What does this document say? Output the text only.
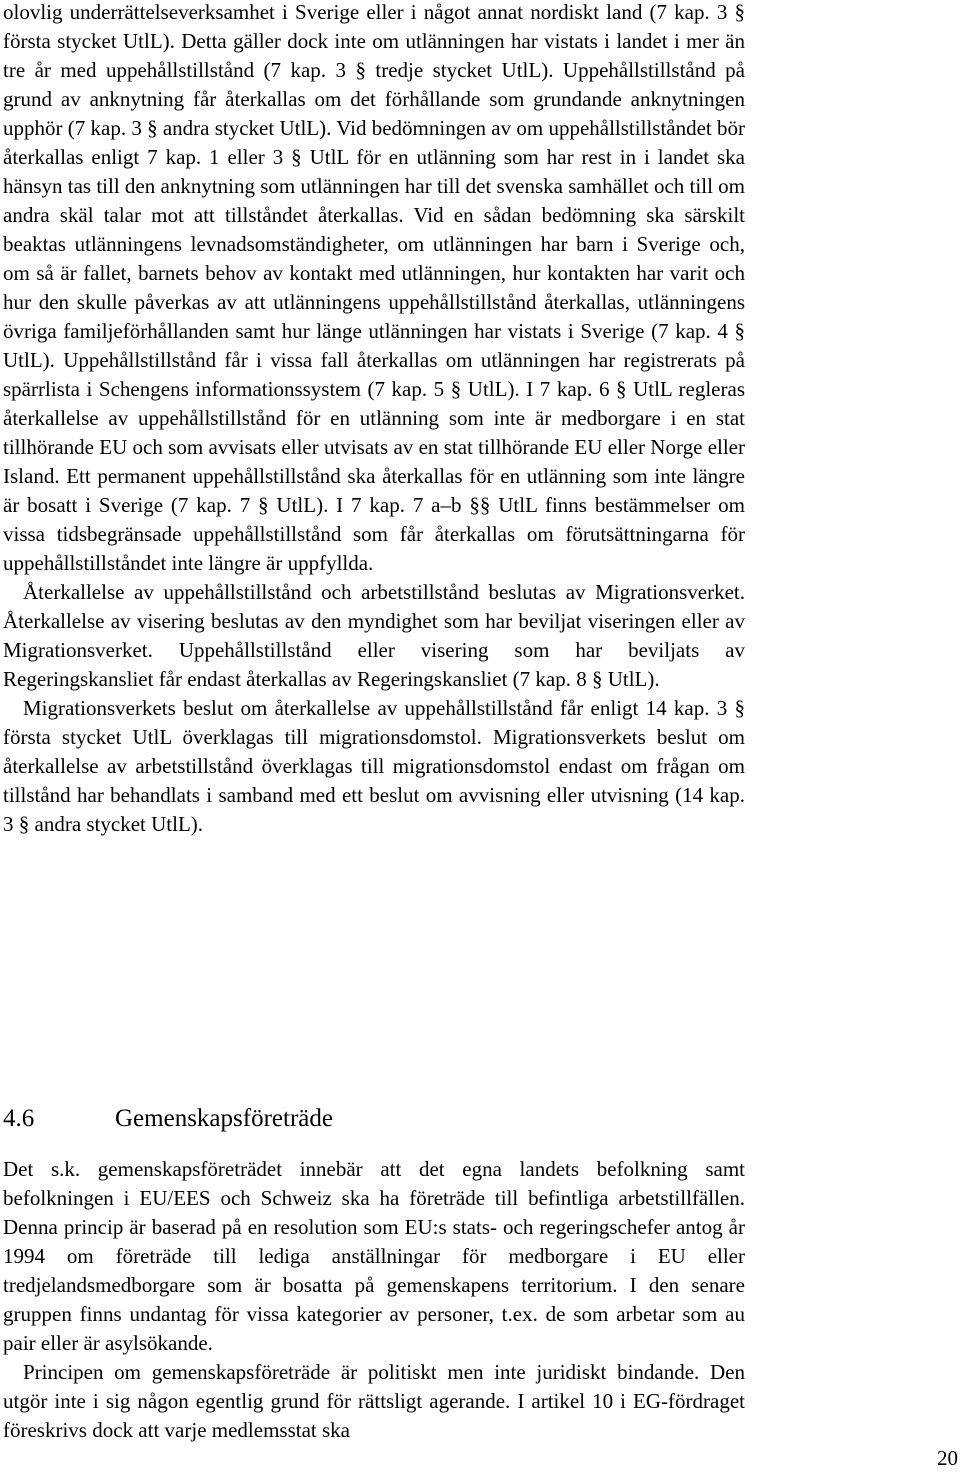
olovlig underrättelseverksamhet i Sverige eller i något annat nordiskt land (7 kap. 3 § första stycket UtlL). Detta gäller dock inte om utlänningen har vistats i landet i mer än tre år med uppehållstillstånd (7 kap. 3 § tredje stycket UtlL). Uppehållstillstånd på grund av anknytning får återkallas om det förhållande som grundande anknytningen upphör (7 kap. 3 § andra stycket UtlL). Vid bedömningen av om uppehållstillståndet bör återkallas enligt 7 kap. 1 eller 3 § UtlL för en utlänning som har rest in i landet ska hänsyn tas till den anknytning som utlänningen har till det svenska samhället och till om andra skäl talar mot att tillståndet återkallas. Vid en sådan bedömning ska särskilt beaktas utlänningens levnadsomständigheter, om utlänningen har barn i Sverige och, om så är fallet, barnets behov av kontakt med utlänningen, hur kontakten har varit och hur den skulle påverkas av att utlänningens uppehållstillstånd återkallas, utlänningens övriga familjeförhållanden samt hur länge utlänningen har vistats i Sverige (7 kap. 4 § UtlL). Uppehållstillstånd får i vissa fall återkallas om utlänningen har registrerats på spärrlista i Schengens informationssystem (7 kap. 5 § UtlL). I 7 kap. 6 § UtlL regleras återkallelse av uppehållstillstånd för en utlänning som inte är medborgare i en stat tillhörande EU och som avvisats eller utvisats av en stat tillhörande EU eller Norge eller Island. Ett permanent uppehållstillstånd ska återkallas för en utlänning som inte längre är bosatt i Sverige (7 kap. 7 § UtlL). I 7 kap. 7 a–b §§ UtlL finns bestämmelser om vissa tidsbegränsade uppehållstillstånd som får återkallas om förutsättningarna för uppehållstillståndet inte längre är uppfyllda.

Återkallelse av uppehållstillstånd och arbetstillstånd beslutas av Migrationsverket. Återkallelse av visering beslutas av den myndighet som har beviljat viseringen eller av Migrationsverket. Uppehållstillstånd eller visering som har beviljats av Regeringskansliet får endast återkallas av Regeringskansliet (7 kap. 8 § UtlL).

Migrationsverkets beslut om återkallelse av uppehållstillstånd får enligt 14 kap. 3 § första stycket UtlL överklagas till migrationsdomstol. Migrationsverkets beslut om återkallelse av arbetstillstånd överklagas till migrationsdomstol endast om frågan om tillstånd har behandlats i samband med ett beslut om avvisning eller utvisning (14 kap. 3 § andra stycket UtlL).

4.6	Gemenskapsföreträde

Det s.k. gemenskapsföreträdet innebär att det egna landets befolkning samt befolkningen i EU/EES och Schweiz ska ha företräde till befintliga arbetstillfällen. Denna princip är baserad på en resolution som EU:s stats- och regeringschefer antog år 1994 om företräde till lediga anställningar för medborgare i EU eller tredjelandsmedborgare som är bosatta på gemenskapens territorium. I den senare gruppen finns undantag för vissa kategorier av personer, t.ex. de som arbetar som au pair eller är asylsökande.

Principen om gemenskapsföreträde är politiskt men inte juridiskt bindande. Den utgör inte i sig någon egentlig grund för rättsligt agerande. I artikel 10 i EG-fördraget föreskrivs dock att varje medlemsstat ska

20
